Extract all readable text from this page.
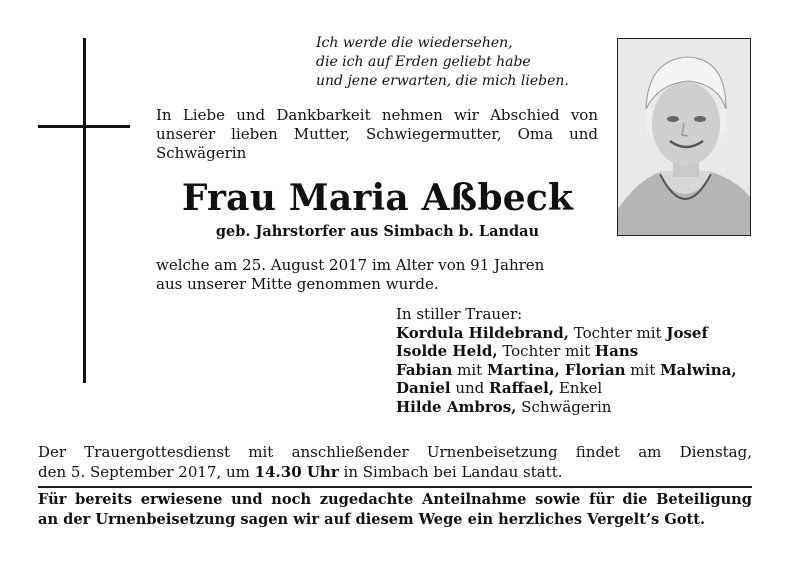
Ich werde die wiedersehen,
die ich auf Erden geliebt habe
und jene erwarten, die mich lieben.
In Liebe und Dankbarkeit nehmen wir Abschied von unserer lieben Mutter, Schwiegermutter, Oma und Schwägerin
Frau Maria Aßbeck
geb. Jahrstorfer aus Simbach b. Landau
welche am 25. August 2017 im Alter von 91 Jahren
aus unserer Mitte genommen wurde.
In stiller Trauer:
Kordula Hildebrand, Tochter mit Josef
Isolde Held, Tochter mit Hans
Fabian mit Martina, Florian mit Malwina,
Daniel und Raffael, Enkel
Hilde Ambros, Schwägerin
Der Trauergottesdienst mit anschließender Urnenbeisetzung findet am Dienstag,
den 5. September 2017, um 14.30 Uhr in Simbach bei Landau statt.
Für bereits erwiesene und noch zugedachte Anteilnahme sowie für die Beteiligung
an der Urnenbeisetzung sagen wir auf diesem Wege ein herzliches Vergelt’s Gott.
